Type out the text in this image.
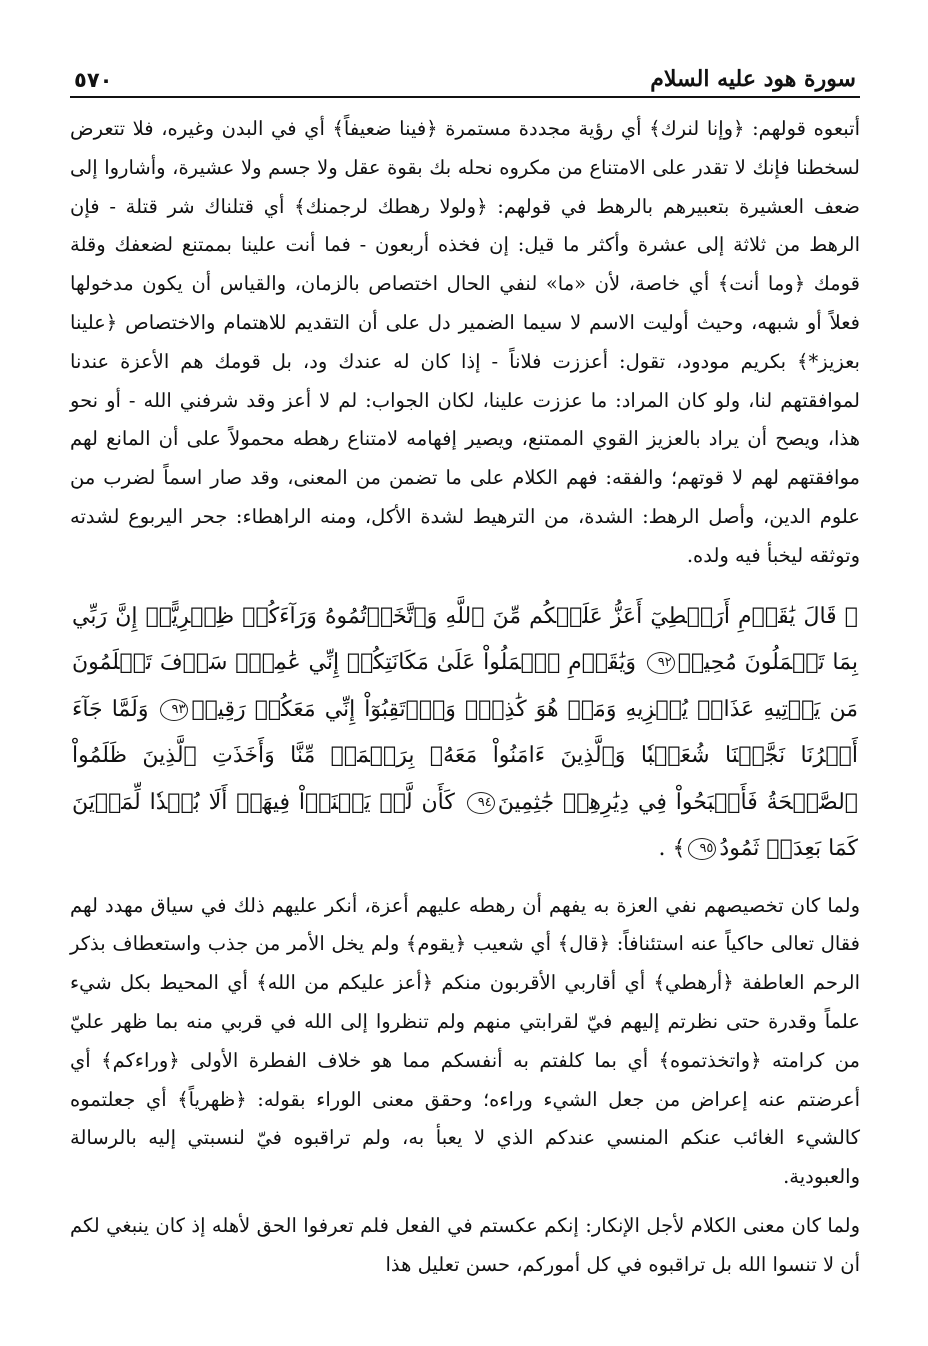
سورة هود عليه السلام
٥٧٠

أتبعوه قولهم: ﴿وإنا لنرك﴾ أي رؤية مجددة مستمرة ﴿فينا ضعيفاً﴾ أي في البدن وغيره، فلا تتعرض لسخطنا فإنك لا تقدر على الامتناع من مكروه نحله بك بقوة عقل ولا جسم ولا عشيرة، وأشاروا إلى ضعف العشيرة بتعبيرهم بالرهط في قولهم: ﴿ولولا رهطك لرجمنك﴾ أي قتلناك شر قتلة - فإن الرهط من ثلاثة إلى عشرة وأكثر ما قيل: إن فخذه أربعون - فما أنت علينا بممتنع لضعفك وقلة قومك ﴿وما أنت﴾ أي خاصة، لأن «ما» لنفي الحال اختصاص بالزمان، والقياس أن يكون مدخولها فعلاً أو شبهه، وحيث أوليت الاسم لا سيما الضمير دل على أن التقديم للاهتمام والاختصاص ﴿علينا بعزيز*﴾ بكريم مودود، تقول: أعززت فلاناً - إذا كان له عندك ود، بل قومك هم الأعزة عندنا لموافقتهم لنا، ولو كان المراد: ما عززت علينا، لكان الجواب: لم لا أعز وقد شرفني الله - أو نحو هذا، ويصح أن يراد بالعزيز القوي الممتنع، ويصير إفهامه لامتناع رهطه محمولاً على أن المانع لهم موافقتهم لهم لا قوتهم؛ والفقه: فهم الكلام على ما تضمن من المعنى، وقد صار اسماً لضرب من علوم الدين، وأصل الرهط: الشدة، من الترهيط لشدة الأكل، ومنه الراهطاء: جحر اليربوع لشدته وتوثقه ليخبأ فيه ولده.

﴿ قَالَ يَٰقَوۡمِ أَرَهۡطِيٓ أَعَزُّ عَلَيۡكُم مِّنَ ٱللَّهِ وَٱتَّخَذۡتُمُوهُ وَرَآءَكُمۡ ظِهۡرِيًّاۖ إِنَّ رَبِّي بِمَا تَعۡمَلُونَ مُحِيطٞ٩٢ وَيَٰقَوۡمِ ٱعۡمَلُواْ عَلَىٰ مَكَانَتِكُمۡ إِنِّي عَٰمِلٞۖ سَوۡفَ تَعۡلَمُونَ مَن يَأۡتِيهِ عَذَابٞ يُخۡزِيهِ وَمَنۡ هُوَ كَٰذِبٞۖ وَٱرۡتَقِبُوٓاْ إِنِّي مَعَكُمۡ رَقِيبٞ٩٣ وَلَمَّا جَآءَ أَمۡرُنَا نَجَّيۡنَا شُعَيۡبٗا وَٱلَّذِينَ ءَامَنُواْ مَعَهُۥ بِرَحۡمَةٖ مِّنَّا وَأَخَذَتِ ٱلَّذِينَ ظَلَمُواْ ٱلصَّيۡحَةُ فَأَصۡبَحُواْ فِي دِيَٰرِهِمۡ جَٰثِمِينَ٩٤ كَأَن لَّمۡ يَغۡنَوۡاْ فِيهَآۗ أَلَا بُعۡدٗا لِّمَدۡيَنَ كَمَا بَعِدَتۡ ثَمُودُ٩٥﴾ .

ولما كان تخصيصهم نفي العزة به يفهم أن رهطه عليهم أعزة، أنكر عليهم ذلك في سياق مهدد لهم فقال تعالى حاكياً عنه استئنافاً: ﴿قال﴾ أي شعيب ﴿يقوم﴾ ولم يخل الأمر من جذب واستعطاف بذكر الرحم العاطفة ﴿أرهطي﴾ أي أقاربي الأقربون منكم ﴿أعز عليكم من الله﴾ أي المحيط بكل شيء علماً وقدرة حتى نظرتم إليهم فيّ لقرابتي منهم ولم تنظروا إلى الله في قربي منه بما ظهر عليّ من كرامته ﴿واتخذتموه﴾ أي بما كلفتم به أنفسكم مما هو خلاف الفطرة الأولى ﴿وراءكم﴾ أي أعرضتم عنه إعراض من جعل الشيء وراءه؛ وحقق معنى الوراء بقوله: ﴿ظهرياً﴾ أي جعلتموه كالشيء الغائب عنكم المنسي عندكم الذي لا يعبأ به، ولم تراقبوه فيّ لنسبتي إليه بالرسالة والعبودية.

ولما كان معنى الكلام لأجل الإنكار: إنكم عكستم في الفعل فلم تعرفوا الحق لأهله إذ كان ينبغي لكم أن لا تنسوا الله بل تراقبوه في كل أموركم، حسن تعليل هذا
